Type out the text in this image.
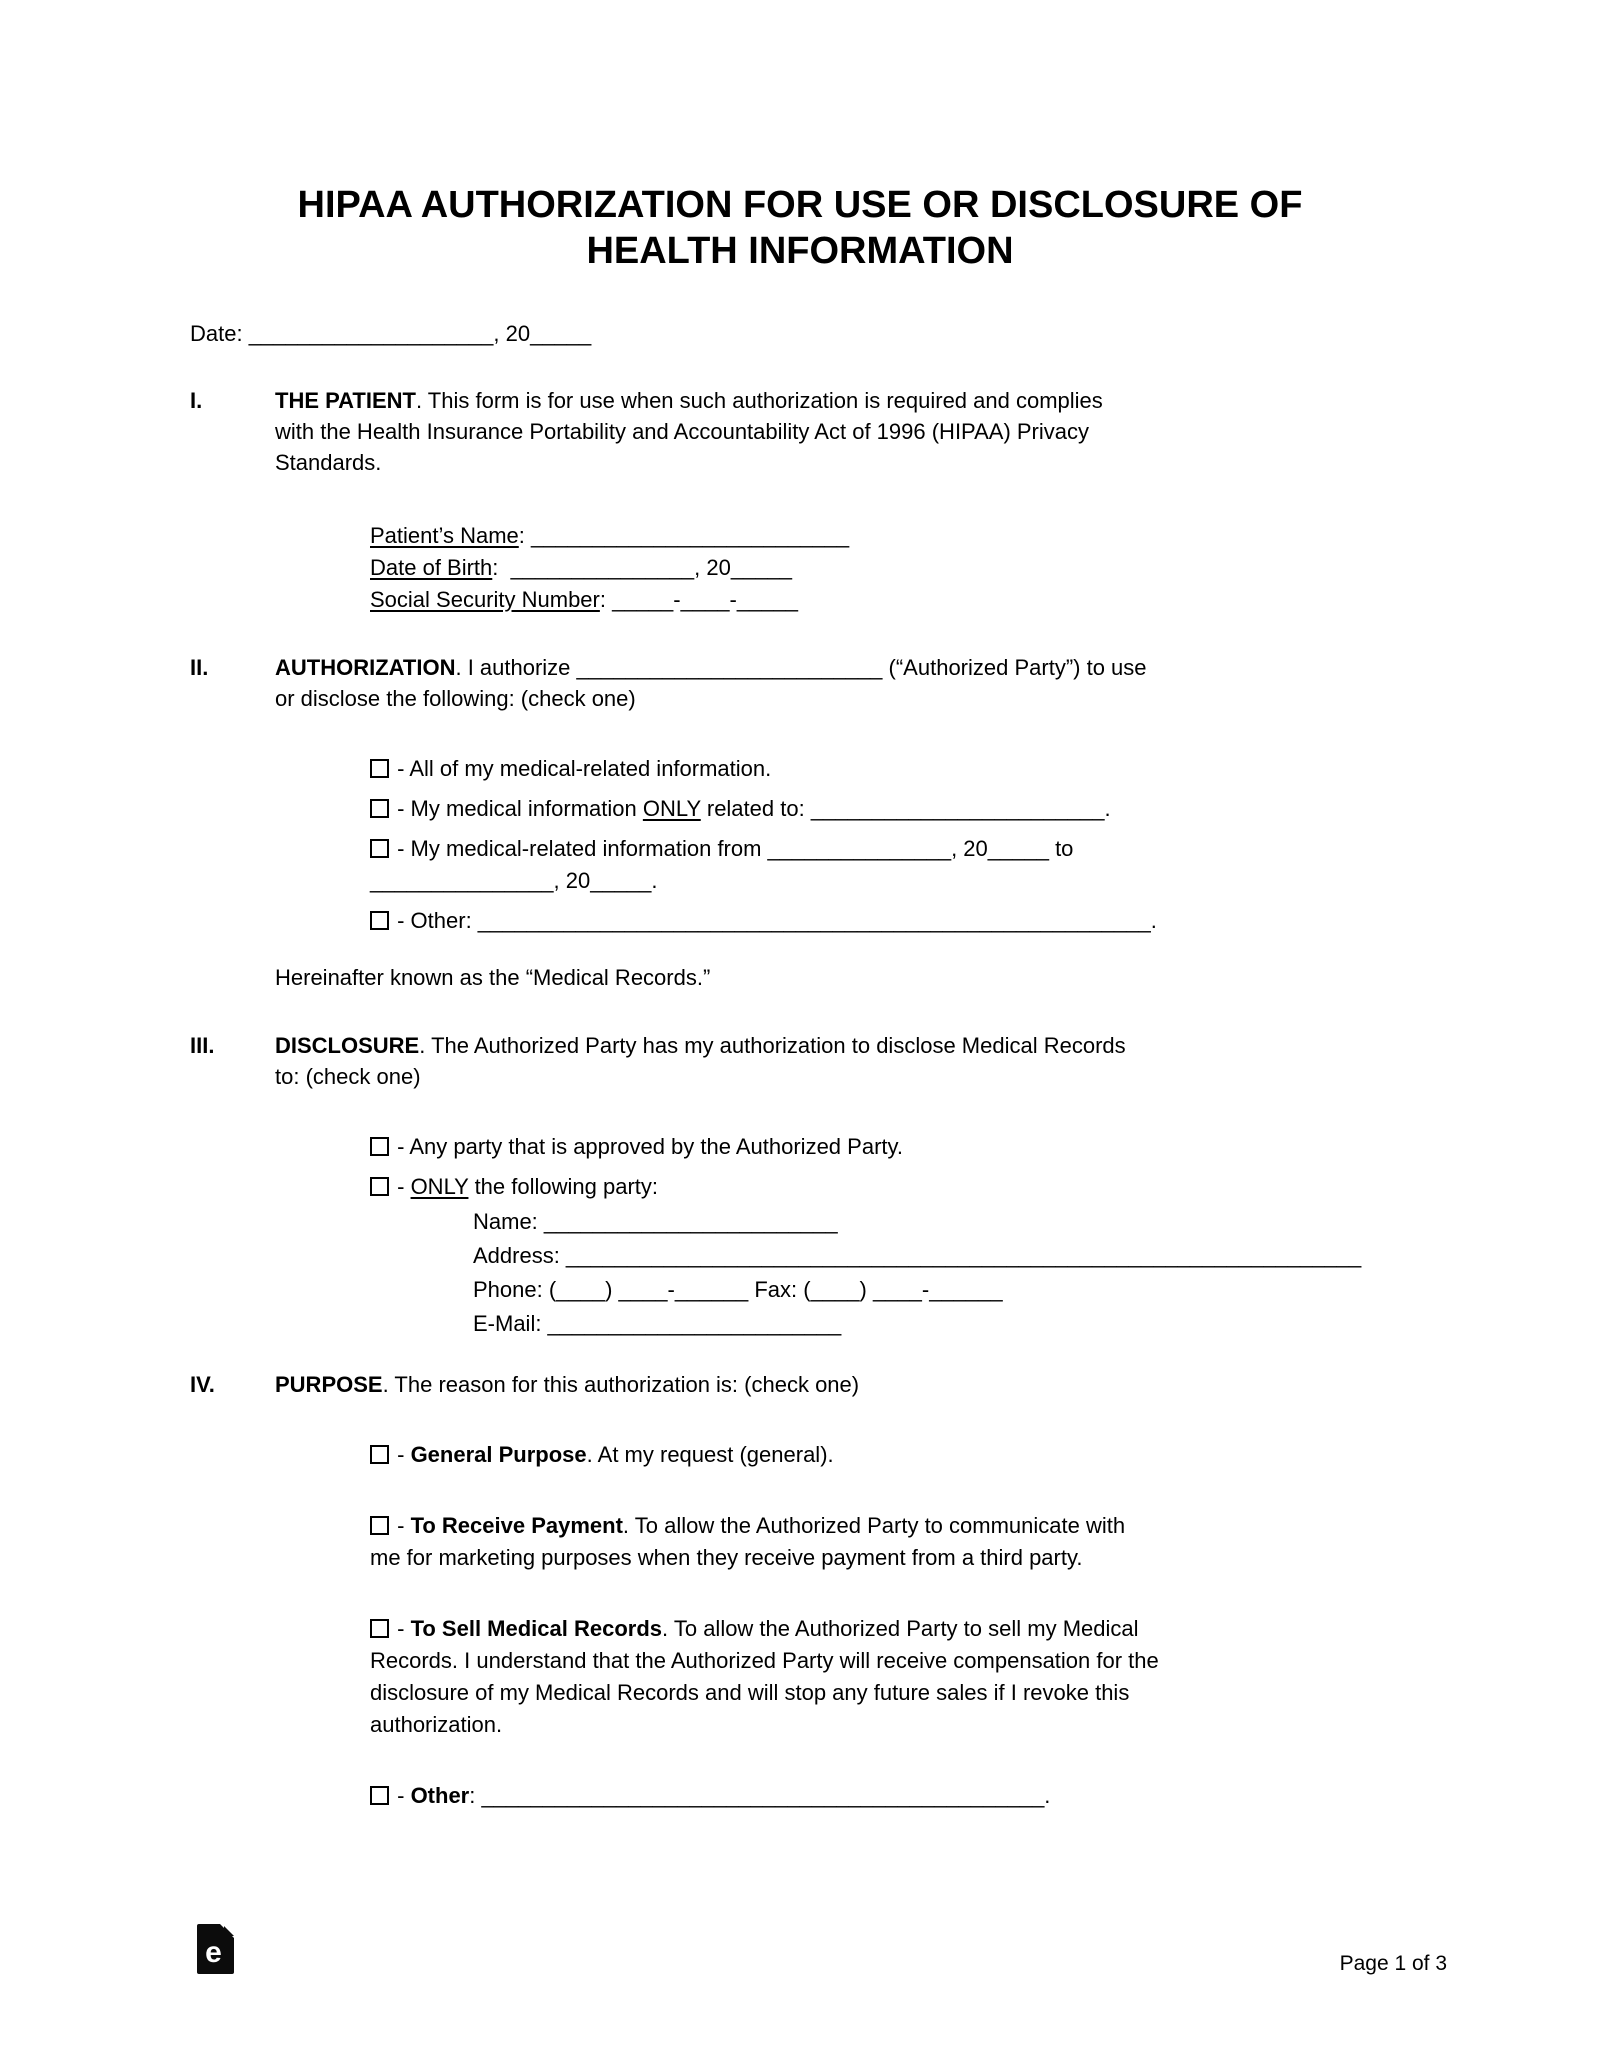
HIPAA AUTHORIZATION FOR USE OR DISCLOSURE OF
HEALTH INFORMATION
Date: ____________________, 20_____
I.	THE PATIENT. This form is for use when such authorization is required and complies
with the Health Insurance Portability and Accountability Act of 1996 (HIPAA) Privacy
Standards.

Patient’s Name: __________________________
Date of Birth:  _______________, 20_____
Social Security Number: _____-____-_____
II.	AUTHORIZATION. I authorize _________________________ (“Authorized Party”) to use
or disclose the following: (check one)

- All of my medical-related information.
- My medical information ONLY related to: ________________________.
- My medical-related information from _______________, 20_____ to
_______________, 20_____.
- Other: _______________________________________________________.

Hereinafter known as the “Medical Records.”

III.	DISCLOSURE. The Authorized Party has my authorization to disclose Medical Records
to: (check one)

- Any party that is approved by the Authorized Party.
- ONLY the following party:
Name: ________________________
Address: _________________________________________________________________
Phone: (____) ____-______ Fax: (____) ____-______
E-Mail: ________________________
IV.	PURPOSE. The reason for this authorization is: (check one)

- General Purpose. At my request (general).
- To Receive Payment. To allow the Authorized Party to communicate with
me for marketing purposes when they receive payment from a third party.
- To Sell Medical Records. To allow the Authorized Party to sell my Medical
Records. I understand that the Authorized Party will receive compensation for the
disclosure of my Medical Records and will stop any future sales if I revoke this
authorization.
- Other: ______________________________________________.
e	Page 1 of 3
